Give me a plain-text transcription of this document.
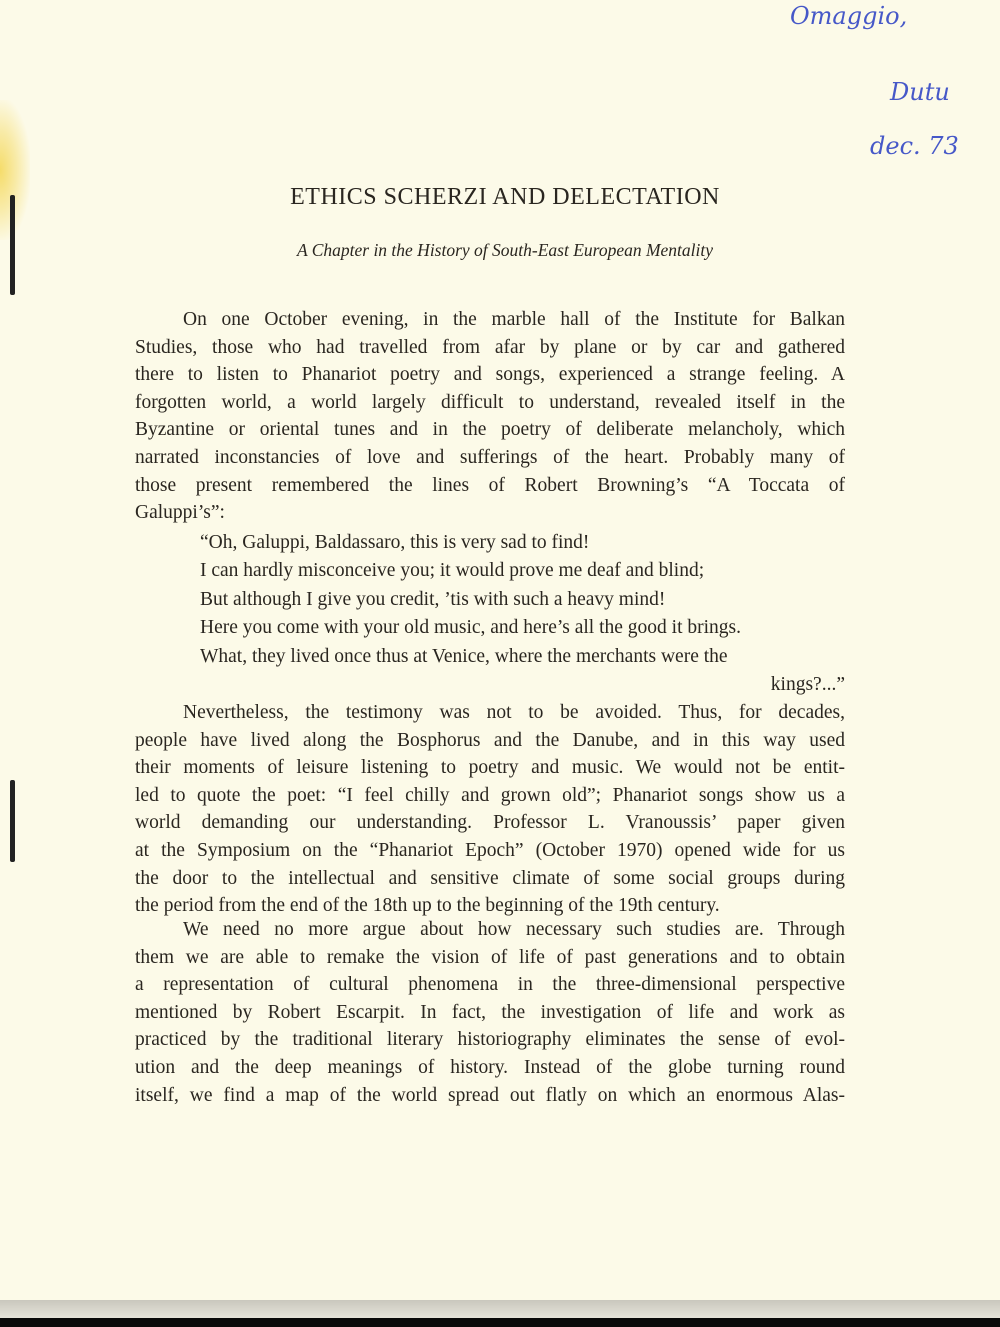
Omaggio,
Dutu
dec. 73
ETHICS SCHERZI AND DELECTATION
A Chapter in the History of South-East European Mentality
On one October evening, in the marble hall of the Institute for Balkan
Studies, those who had travelled from afar by plane or by car and gathered
there to listen to Phanariot poetry and songs, experienced a strange feeling. A
forgotten world, a world largely difficult to understand, revealed itself in the
Byzantine or oriental tunes and in the poetry of deliberate melancholy, which
narrated inconstancies of love and sufferings of the heart. Probably many of
those present remembered the lines of Robert Browning’s “A Toccata of
Galuppi’s”:
“Oh, Galuppi, Baldassaro, this is very sad to find!
I can hardly misconceive you; it would prove me deaf and blind;
But although I give you credit, ’tis with such a heavy mind!
Here you come with your old music, and here’s all the good it brings.
What, they lived once thus at Venice, where the merchants were the
kings?...”
Nevertheless, the testimony was not to be avoided. Thus, for decades,
people have lived along the Bosphorus and the Danube, and in this way used
their moments of leisure listening to poetry and music. We would not be entit-
led to quote the poet: “I feel chilly and grown old”; Phanariot songs show us a
world demanding our understanding. Professor L. Vranoussis’ paper given
at the Symposium on the “Phanariot Epoch” (October 1970) opened wide for us
the door to the intellectual and sensitive climate of some social groups during
the period from the end of the 18th up to the beginning of the 19th century.
We need no more argue about how necessary such studies are. Through
them we are able to remake the vision of life of past generations and to obtain
a representation of cultural phenomena in the three-dimensional perspective
mentioned by Robert Escarpit. In fact, the investigation of life and work as
practiced by the traditional literary historiography eliminates the sense of evol-
ution and the deep meanings of history. Instead of the globe turning round
itself, we find a map of the world spread out flatly on which an enormous Alas-
